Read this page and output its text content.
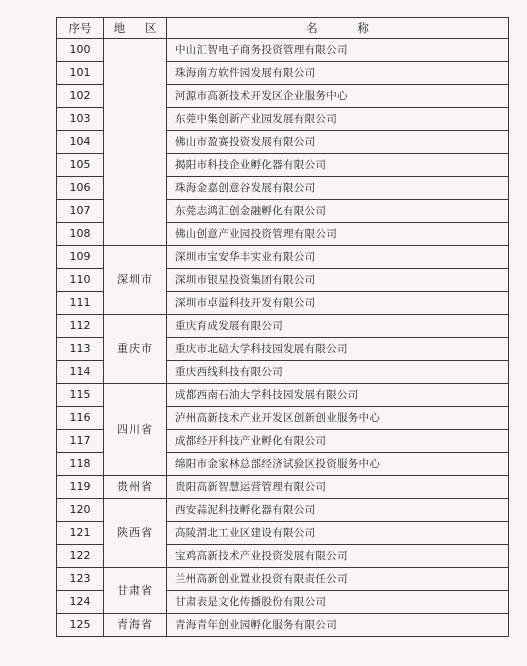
序号	地 区	名 称
100		中山汇智电子商务投资管理有限公司
101		珠海南方软件园发展有限公司
102		河源市高新技术开发区企业服务中心
103		东莞中集创新产业园发展有限公司
104		佛山市盈赛投资发展有限公司
105		揭阳市科技企业孵化器有限公司
106		珠海金嘉创意谷发展有限公司
107		东莞志鸿汇创金融孵化有限公司
108		佛山创意产业园投资管理有限公司
109	深圳市	深圳市宝安华丰实业有限公司
110		深圳市银星投资集团有限公司
111		深圳市卓溢科技开发有限公司
112	重庆市	重庆育成发展有限公司
113		重庆市北碚大学科技园发展有限公司
114		重庆西线科技有限公司
115	四川省	成都西南石油大学科技园发展有限公司
116		泸州高新技术产业开发区创新创业服务中心
117		成都经开科技产业孵化有限公司
118		绵阳市金家林总部经济试验区投资服务中心
119	贵州省	贵阳高新智慧运营管理有限公司
120	陕西省	西安蒜泥科技孵化器有限公司
121		高陵渭北工业区建设有限公司
122		宝鸡高新技术产业投资发展有限公司
123	甘肃省	兰州高新创业置业投资有限责任公司
124		甘肃表是文化传播股份有限公司
125	青海省	青海青年创业园孵化服务有限公司
